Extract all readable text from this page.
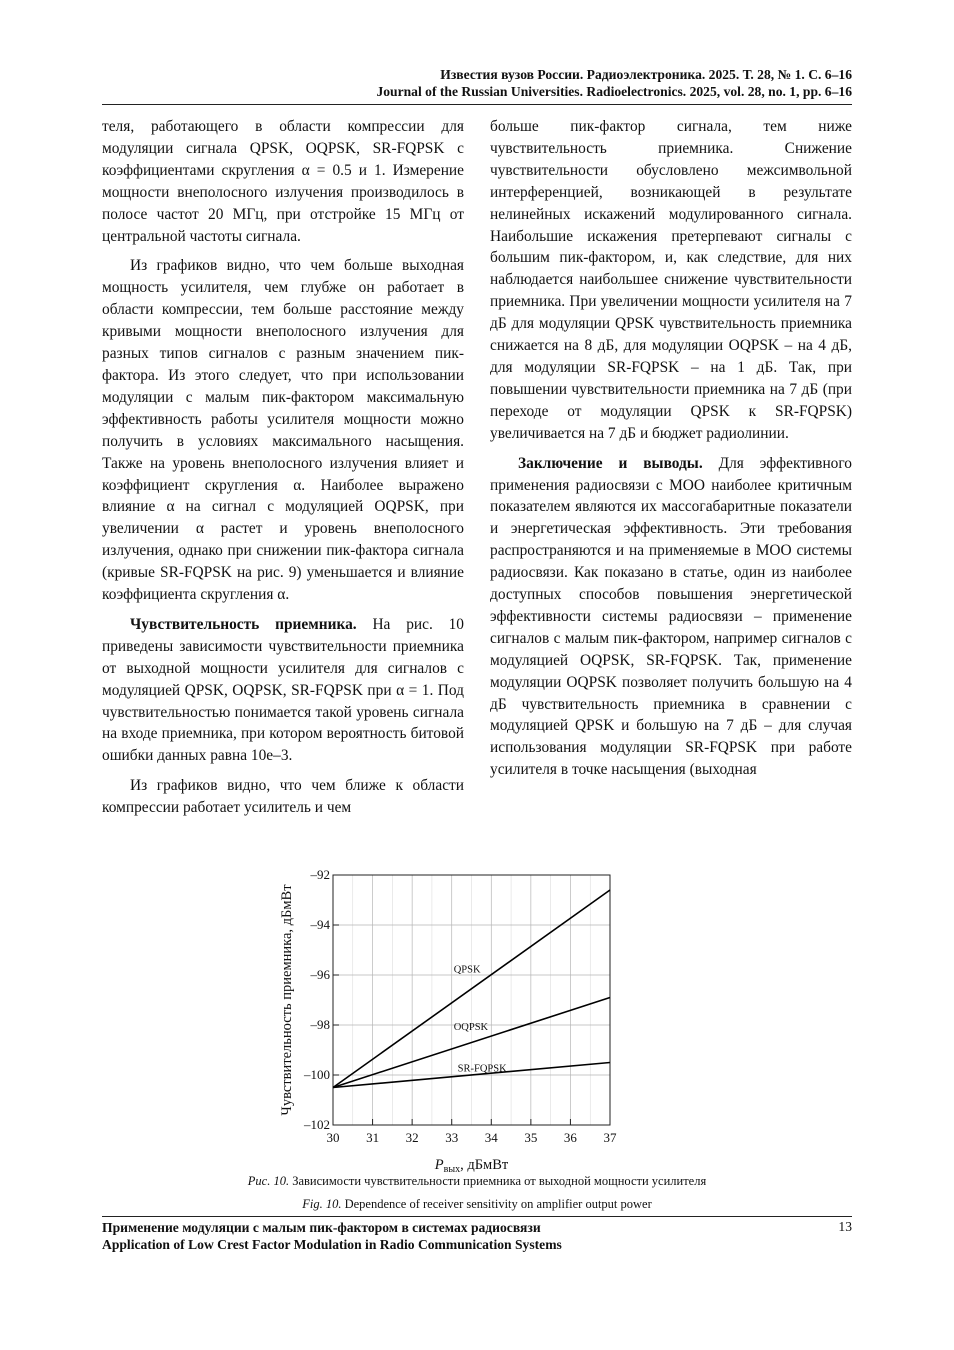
Известия вузов России. Радиоэлектроника. 2025. Т. 28, № 1. С. 6–16
Journal of the Russian Universities. Radioelectronics. 2025, vol. 28, no. 1, pp. 6–16

теля, работающего в области компрессии для модуляции сигнала QPSK, OQPSK, SR-FQPSK с коэффициентами скругления α = 0.5 и 1. Измерение мощности внеполосного излучения производилось в полосе частот 20 МГц, при отстройке 15 МГц от центральной частоты сигнала.

Из графиков видно, что чем больше выходная мощность усилителя, чем глубже он работает в области компрессии, тем больше расстояние между кривыми мощности внеполосного излучения для разных типов сигналов с разным значением пик-фактора. Из этого следует, что при использовании модуляции с малым пик-фактором максимальную эффективность работы усилителя мощности можно получить в условиях максимального насыщения. Также на уровень внеполосного излучения влияет и коэффициент скругления α. Наиболее выражено влияние α на сигнал с модуляцией OQPSK, при увеличении α растет и уровень внеполосного излучения, однако при снижении пик-фактора сигнала (кривые SR-FQPSK на рис. 9) уменьшается и влияние коэффициента скругления α.

Чувствительность приемника. На рис. 10 приведены зависимости чувствительности приемника от выходной мощности усилителя для сигналов с модуляцией QPSK, OQPSK, SR-FQPSK при α = 1. Под чувствительностью понимается такой уровень сигнала на входе приемника, при котором вероятность битовой ошибки данных равна 10e–3.

Из графиков видно, что чем ближе к области компрессии работает усилитель и чем

больше пик-фактор сигнала, тем ниже чувствительность приемника. Снижение чувствительности обусловлено межсимвольной интерференцией, возникающей в результате нелинейных искажений модулированного сигнала. Наибольшие искажения претерпевают сигналы с большим пик-фактором, и, как следствие, для них наблюдается наибольшее снижение чувствительности приемника. При увеличении мощности усилителя на 7 дБ для модуляции QPSK чувствительность приемника снижается на 8 дБ, для модуляции OQPSK – на 4 дБ, для модуляции SR-FQPSK – на 1 дБ. Так, при повышении чувствительности приемника на 7 дБ (при переходе от модуляции QPSK к SR-FQPSK) увеличивается на 7 дБ и бюджет радиолинии.

Заключение и выводы. Для эффективного применения радиосвязи с МОО наиболее критичным показателем являются их массогабаритные показатели и энергетическая эффективность. Эти требования распространяются и на применяемые в МОО системы радиосвязи. Как показано в статье, один из наиболее доступных способов повышения энергетической эффективности системы радиосвязи – применение сигналов с малым пик-фактором, например сигналов с модуляцией OQPSK, SR-FQPSK. Так, применение модуляции OQPSK позволяет получить большую на 4 дБ чувствительность приемника в сравнении с модуляцией QPSK и большую на 7 дБ – для случая использования модуляции SR-FQPSK при работе усилителя в точке насыщения (выходная

30 31 32 33 34 35 36 37
–92
–94
–96
–98
–100
–102
QPSK
OQPSK
SR-FQPSK
Чувствительность приемника, дБмВт
$P_{вых}$, дБмВт
Рис. 10. Зависимости чувствительности приемника от выходной мощности усилителя
Fig. 10. Dependence of receiver sensitivity on amplifier output power
Применение модуляции с малым пик-фактором в системах радиосвязи
Application of Low Crest Factor Modulation in Radio Communication Systems
13
